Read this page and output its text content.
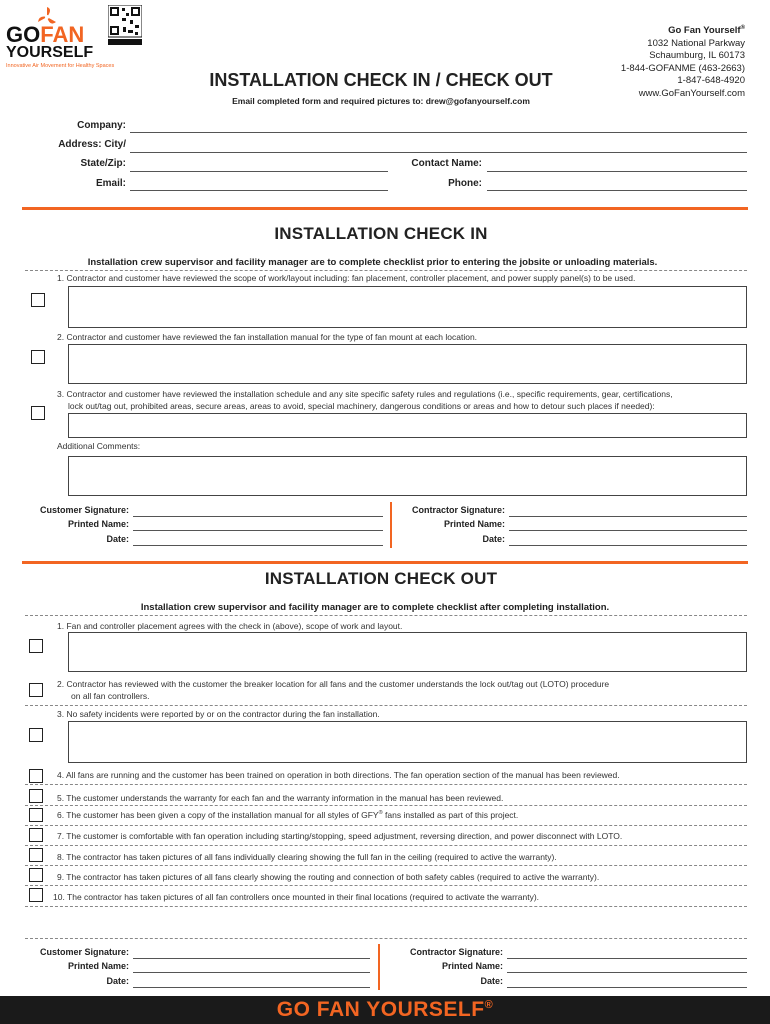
GOFAN
YOURSELF
Innovative Air Movement for Healthy Spaces
Go Fan Yourself®
1032 National Parkway
Schaumburg, IL 60173
1-844-GOFANME (463-2663)
1-847-648-4920
www.GoFanYourself.com
INSTALLATION CHECK IN / CHECK OUT
Email completed form and required pictures to: drew@gofanyourself.com
Company:
Address: City/
State/Zip:	Contact Name:
Email:	Phone:
INSTALLATION CHECK IN
Installation crew supervisor and facility manager are to complete checklist prior to entering the jobsite or unloading materials.
1. Contractor and customer have reviewed the scope of work/layout including: fan placement, controller placement, and power supply panel(s) to be used.
2. Contractor and customer have reviewed the fan installation manual for the type of fan mount at each location.
3. Contractor and customer have reviewed the installation schedule and any site specific safety rules and regulations (i.e., specific requirements, gear, certifications,
lock out/tag out, prohibited areas, secure areas, areas to avoid, special machinery, dangerous conditions or areas and how to detour such places if needed):
Additional Comments:
Customer Signature:
Printed Name:
Date:
Contractor Signature:
Printed Name:
Date:
INSTALLATION CHECK OUT
Installation crew supervisor and facility manager are to complete checklist after completing installation.
1. Fan and controller placement agrees with the check in (above), scope of work and layout.
2. Contractor has reviewed with the customer the breaker location for all fans and the customer understands the lock out/tag out (LOTO) procedure
on all fan controllers.
3. No safety incidents were reported by or on the contractor during the fan installation.
4. All fans are running and the customer has been trained on operation in both directions. The fan operation section of the manual has been reviewed.
5. The customer understands the warranty for each fan and the warranty information in the manual has been reviewed.
6. The customer has been given a copy of the installation manual for all styles of GFY® fans installed as part of this project.
7. The customer is comfortable with fan operation including starting/stopping, speed adjustment, reversing direction, and power disconnect with LOTO.
8. The contractor has taken pictures of all fans individually clearing showing the full fan in the ceiling (required to active the warranty).
9. The contractor has taken pictures of all fans clearly showing the routing and connection of both safety cables (required to active the warranty).
10. The contractor has taken pictures of all fan controllers once mounted in their final locations (required to activate the warranty).
Customer Signature:
Printed Name:
Date:
Contractor Signature:
Printed Name:
Date:
GO FAN YOURSELF®
